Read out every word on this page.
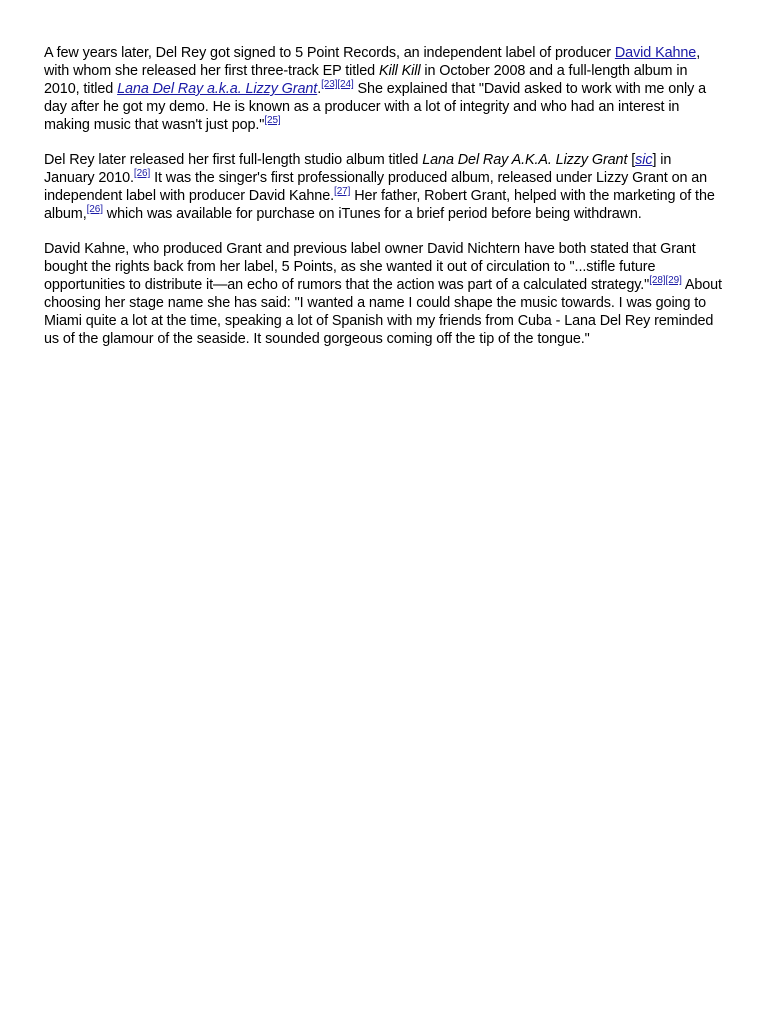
A few years later, Del Rey got signed to 5 Point Records, an independent label of producer David Kahne, with whom she released her first three-track EP titled Kill Kill in October 2008 and a full-length album in 2010, titled Lana Del Ray a.k.a. Lizzy Grant.[23][24] She explained that "David asked to work with me only a day after he got my demo. He is known as a producer with a lot of integrity and who had an interest in making music that wasn't just pop."[25]

Del Rey later released her first full-length studio album titled Lana Del Ray A.K.A. Lizzy Grant [sic] in January 2010.[26] It was the singer's first professionally produced album, released under Lizzy Grant on an independent label with producer David Kahne.[27] Her father, Robert Grant, helped with the marketing of the album,[26] which was available for purchase on iTunes for a brief period before being withdrawn.

David Kahne, who produced Grant and previous label owner David Nichtern have both stated that Grant bought the rights back from her label, 5 Points, as she wanted it out of circulation to "...stifle future opportunities to distribute it—an echo of rumors that the action was part of a calculated strategy."[28][29] About choosing her stage name she has said: "I wanted a name I could shape the music towards. I was going to Miami quite a lot at the time, speaking a lot of Spanish with my friends from Cuba - Lana Del Rey reminded us of the glamour of the seaside. It sounded gorgeous coming off the tip of the tongue."
